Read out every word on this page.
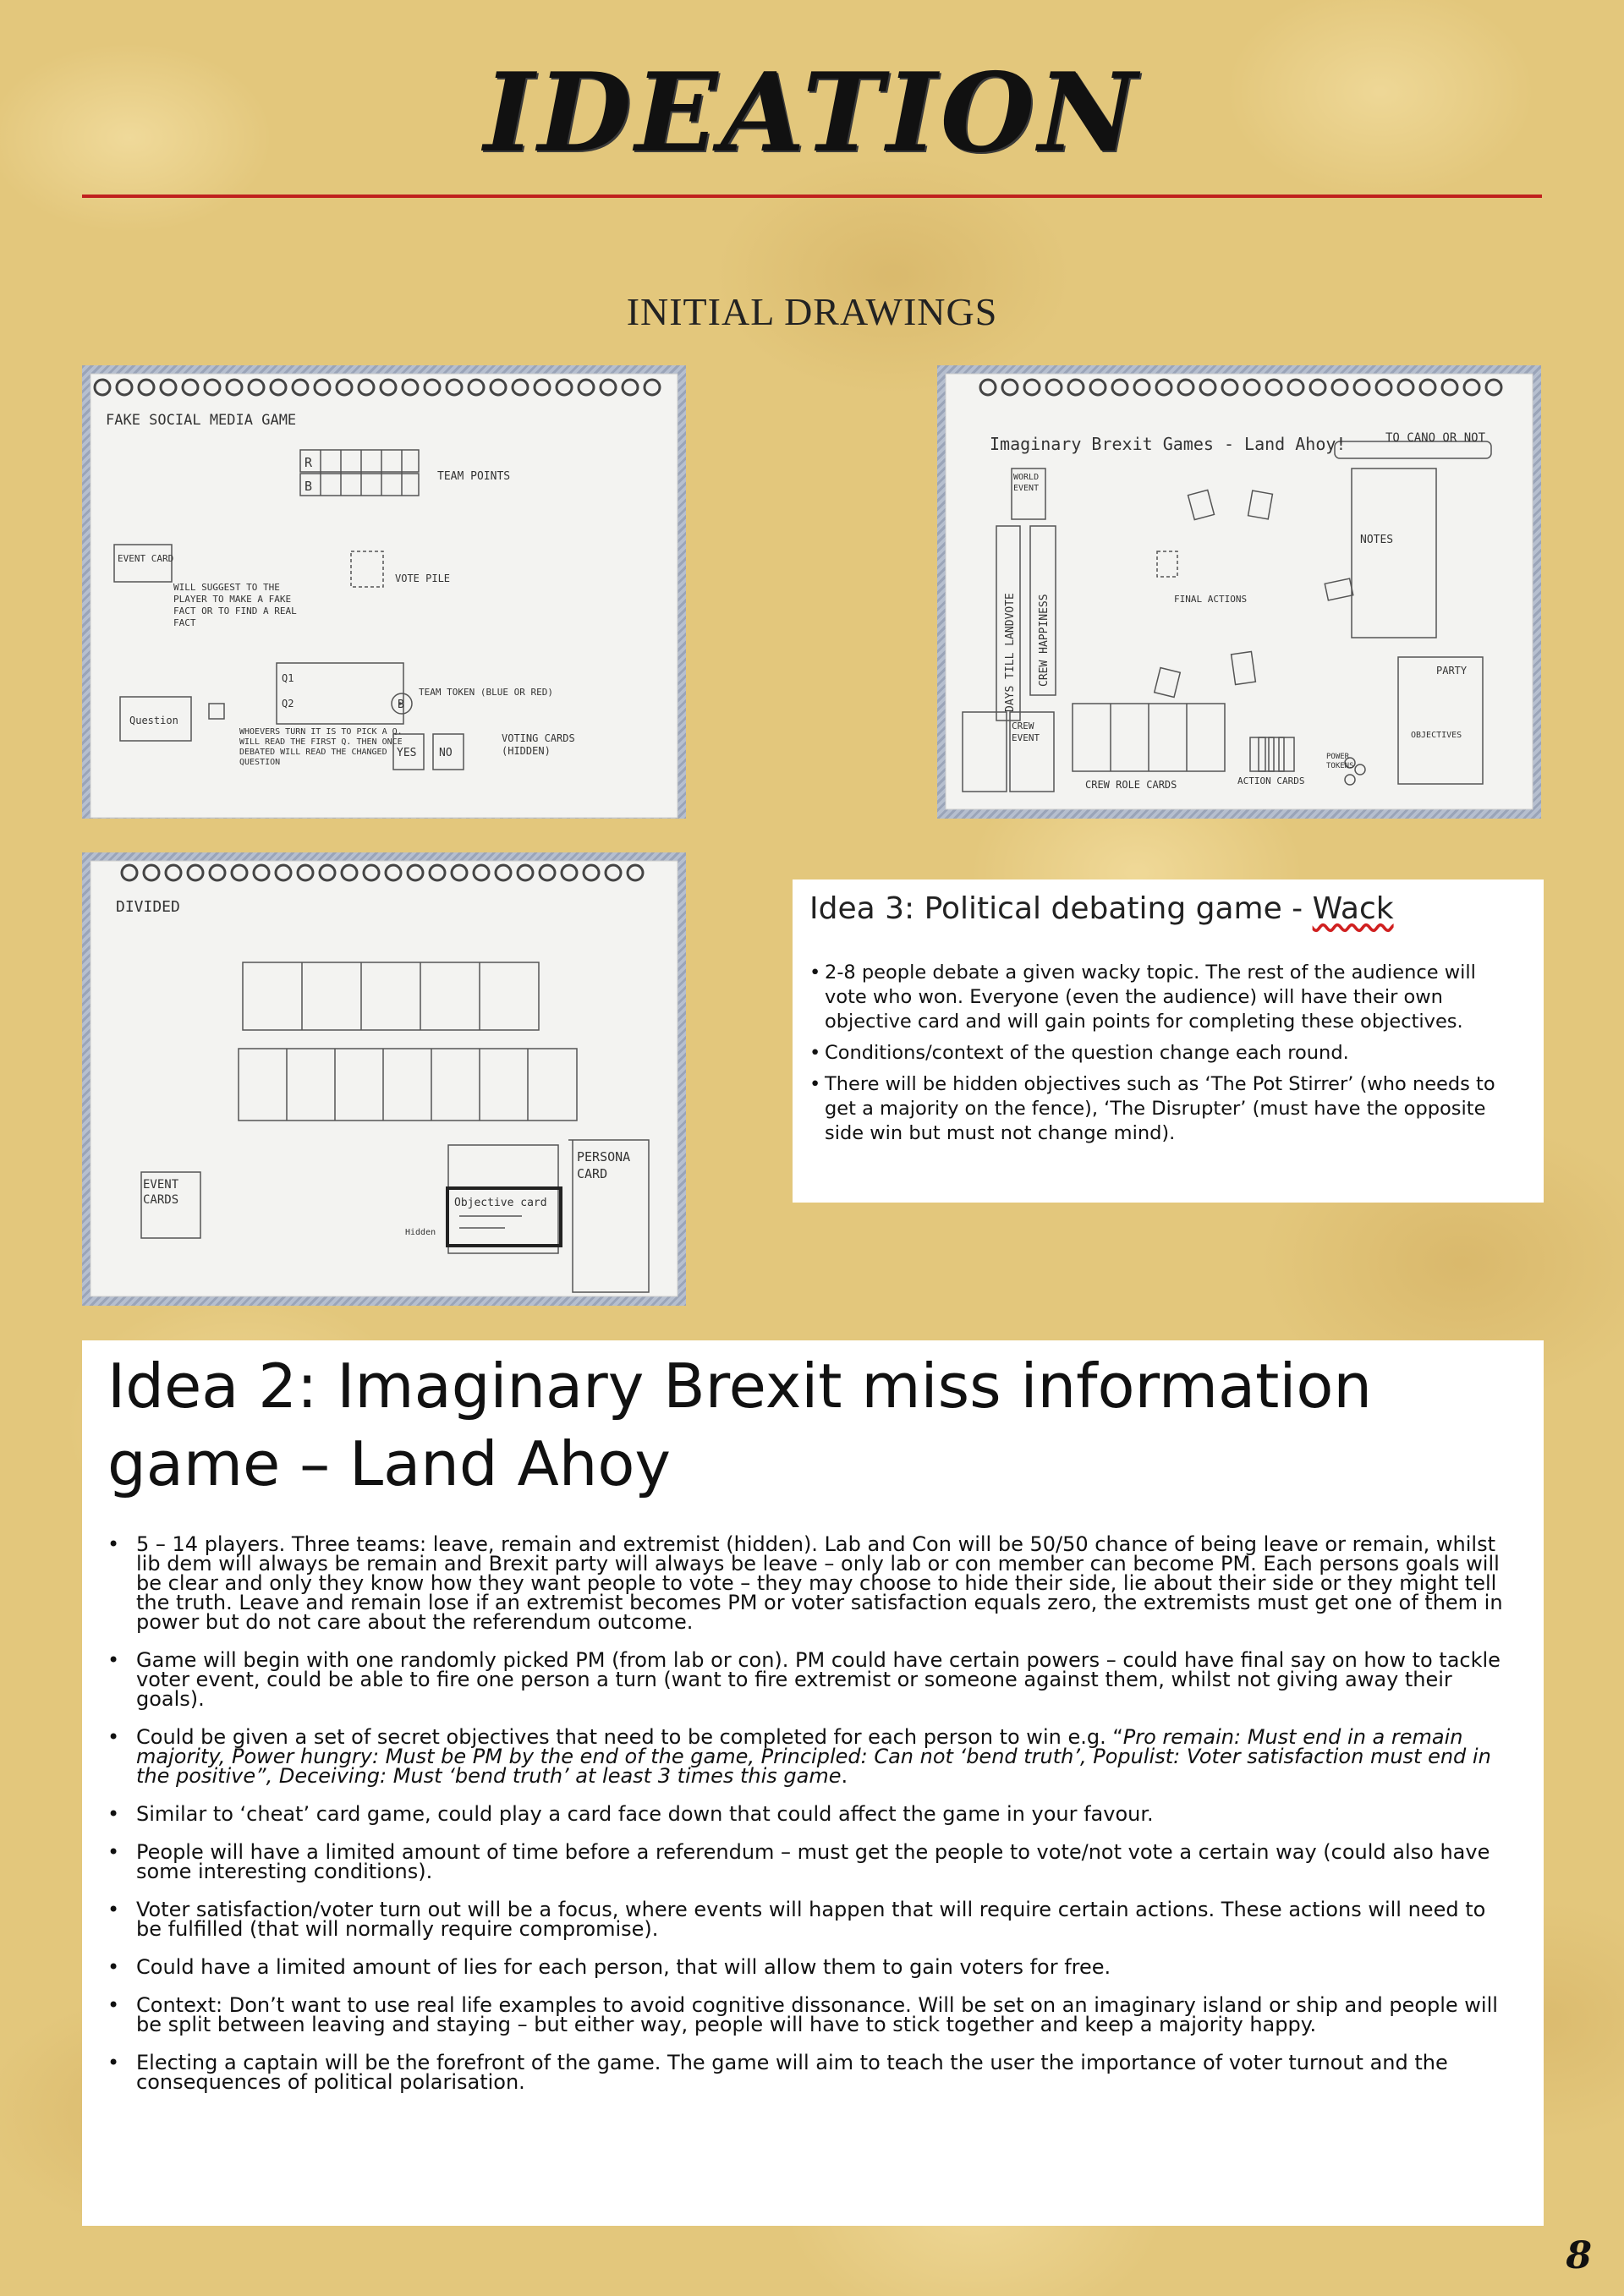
IDEATION
INITIAL DRAWINGS
FAKE SOCIAL MEDIA GAME
R
B
TEAM POINTS
EVENT CARD
WILL SUGGEST TO THE PLAYER TO MAKE A FAKE FACT OR TO FIND A REAL FACT
VOTE PILE
Question
Q1
Q2
WHOEVERS TURN IT IS TO PICK A Q. WILL READ THE FIRST Q. THEN ONCE DEBATED WILL READ THE CHANGED QUESTION
B
TEAM TOKEN (BLUE OR RED)
YES NO
VOTING CARDS (HIDDEN)
Imaginary Brexit Games - Land Ahoy!	TO CANO OR NOT
WORLD EVENT
NOTES
DAYS TILL LANDVOTE CREW HAPPINESS	FINAL ACTIONS
CREW EVENT
CREW ROLE CARDS	ACTION CARDS
POWER TOKENS
PARTY
OBJECTIVES
DIVIDED
EVENT CARDS	Objective card
Hidden
PERSONA CARD
Idea 3: Political debating game - Wack
• 2-8 people debate a given wacky topic. The rest of the audience will vote who won. Everyone (even the audience) will have their own objective card and will gain points for completing these objectives.
• Conditions/context of the question change each round.
• There will be hidden objectives such as ‘The Pot Stirrer’ (who needs to get a majority on the fence), ‘The Disrupter’ (must have the opposite side win but must not change mind).
Idea 2: Imaginary Brexit miss information game – Land Ahoy
• 5 – 14 players. Three teams: leave, remain and extremist (hidden). Lab and Con will be 50/50 chance of being leave or remain, whilst lib dem will always be remain and Brexit party will always be leave – only lab or con member can become PM. Each persons goals will be clear and only they know how they want people to vote – they may choose to hide their side, lie about their side or they might tell the truth. Leave and remain lose if an extremist becomes PM or voter satisfaction equals zero, the extremists must get one of them in power but do not care about the referendum outcome.
• Game will begin with one randomly picked PM (from lab or con). PM could have certain powers – could have final say on how to tackle voter event, could be able to fire one person a turn (want to fire extremist or someone against them, whilst not giving away their goals).
• Could be given a set of secret objectives that need to be completed for each person to win e.g. “Pro remain: Must end in a remain majority, Power hungry: Must be PM by the end of the game, Principled: Can not ‘bend truth’, Populist: Voter satisfaction must end in the positive”, Deceiving: Must ‘bend truth’ at least 3 times this game.
• Similar to ‘cheat’ card game, could play a card face down that could affect the game in your favour.
• People will have a limited amount of time before a referendum – must get the people to vote/not vote a certain way (could also have some interesting conditions).
• Voter satisfaction/voter turn out will be a focus, where events will happen that will require certain actions. These actions will need to be fulfilled (that will normally require compromise).
• Could have a limited amount of lies for each person, that will allow them to gain voters for free.
• Context: Don’t want to use real life examples to avoid cognitive dissonance. Will be set on an imaginary island or ship and people will be split between leaving and staying – but either way, people will have to stick together and keep a majority happy.
• Electing a captain will be the forefront of the game. The game will aim to teach the user the importance of voter turnout and the consequences of political polarisation.
8
